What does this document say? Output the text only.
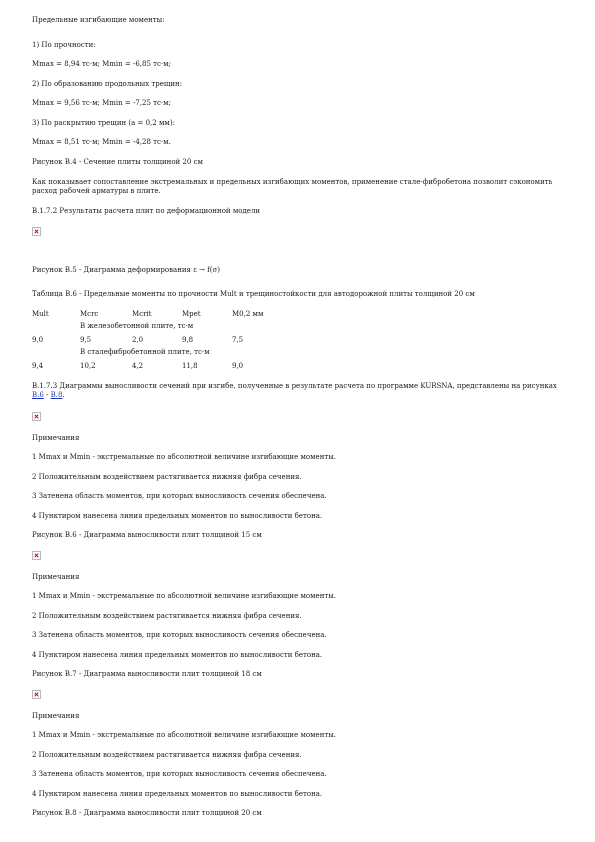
Предельные изгибающие моменты:
1) По прочности:
Mmax = 8,94 тс·м; Mmin = -6,85 тс·м;
2) По образованию продольных трещин:
Mmax = 9,56 тс·м; Mmin = -7,25 тс·м;
3) По раскрытию трещин (a = 0,2 мм):
Mmax = 8,51 тс·м; Mmin = -4,28 тс·м.
Рисунок В.4 - Сечение плиты толщиной 20 см
Как показывает сопоставление экстремальных и предельных изгибающих моментов, применение стале-фибробетона позволит сэкономить расход рабочей арматуры в плите.
В.1.7.2 Результаты расчета плит по деформационной модели
Рисунок В.5 - Диаграмма деформирования ε → f(σ)
Таблица В.6 - Предельные моменты по прочности Mult и трещиностойкости для автодорожной плиты толщиной 20 см
Mult	Mcrc	Mcrit	Mpet	M0,2 мм
В железобетонной плите, тс·м
9,0	9,5	2,0	9,8	7,5
В сталефибробетонной плите, тс·м
9,4	10,2	4,2	11,8	9,0
В.1.7.3 Диаграммы выносливости сечений при изгибе, полученные в результате расчета по программе KURSNA, представлены на рисунках В.6 - В.8.
Примечания
1 Mmax и Mmin - экстремальные по абсолютной величине изгибающие моменты.
2 Положительным воздействием растягивается нижняя фибра сечения.
3 Затенена область моментов, при которых выносливость сечения обеспечена.
4 Пунктиром нанесена линия предельных моментов по выносливости бетона.
Рисунок В.6 - Диаграмма выносливости плит толщиной 15 см
Примечания
1 Mmax и Mmin - экстремальные по абсолютной величине изгибающие моменты.
2 Положительным воздействием растягивается нижняя фибра сечения.
3 Затенена область моментов, при которых выносливость сечения обеспечена.
4 Пунктиром нанесена линия предельных моментов по выносливости бетона.
Рисунок В.7 - Диаграмма выносливости плит толщиной 18 см
Примечания
1 Mmax и Mmin - экстремальные по абсолютной величине изгибающие моменты.
2 Положительным воздействием растягивается нижняя фибра сечения.
3 Затенена область моментов, при которых выносливость сечения обеспечена.
4 Пунктиром нанесена линия предельных моментов по выносливости бетона.
Рисунок В.8 - Диаграмма выносливости плит толщиной 20 см
